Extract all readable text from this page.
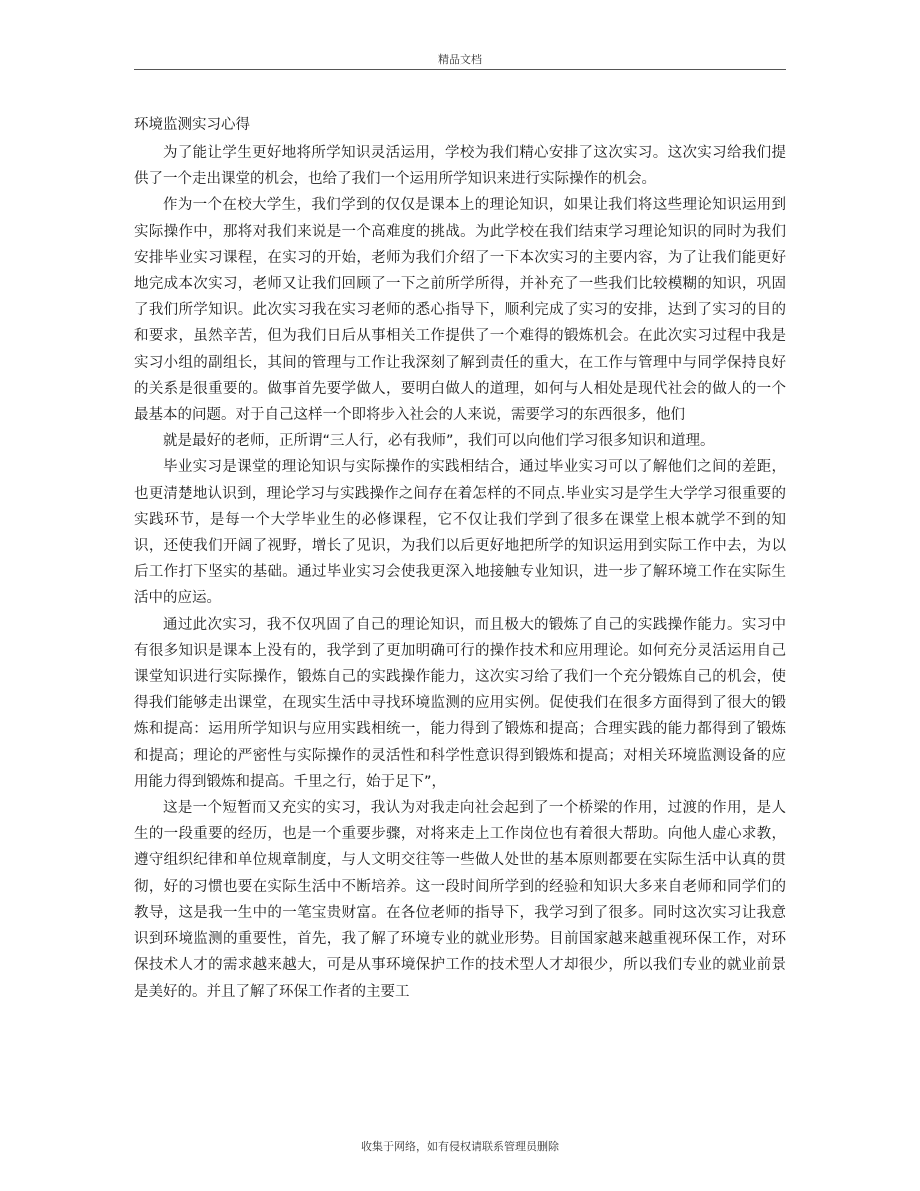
精品文档
环境监测实习心得

为了能让学生更好地将所学知识灵活运用，学校为我们精心安排了这次实习。这次实习给我们提供了一个走出课堂的机会，也给了我们一个运用所学知识来进行实际操作的机会。

作为一个在校大学生，我们学到的仅仅是课本上的理论知识，如果让我们将这些理论知识运用到实际操作中，那将对我们来说是一个高难度的挑战。为此学校在我们结束学习理论知识的同时为我们安排毕业实习课程，在实习的开始，老师为我们介绍了一下本次实习的主要内容，为了让我们能更好地完成本次实习，老师又让我们回顾了一下之前所学所得，并补充了一些我们比较模糊的知识，巩固了我们所学知识。此次实习我在实习老师的悉心指导下，顺利完成了实习的安排，达到了实习的目的和要求，虽然辛苦，但为我们日后从事相关工作提供了一个难得的锻炼机会。在此次实习过程中我是实习小组的副组长，其间的管理与工作让我深刻了解到责任的重大，在工作与管理中与同学保持良好的关系是很重要的。做事首先要学做人，要明白做人的道理，如何与人相处是现代社会的做人的一个最基本的问题。对于自己这样一个即将步入社会的人来说，需要学习的东西很多，他们

就是最好的老师，正所谓“三人行，必有我师”，我们可以向他们学习很多知识和道理。

毕业实习是课堂的理论知识与实际操作的实践相结合，通过毕业实习可以了解他们之间的差距，也更清楚地认识到，理论学习与实践操作之间存在着怎样的不同点.毕业实习是学生大学学习很重要的实践环节，是每一个大学毕业生的必修课程，它不仅让我们学到了很多在课堂上根本就学不到的知识，还使我们开阔了视野，增长了见识，为我们以后更好地把所学的知识运用到实际工作中去，为以后工作打下坚实的基础。通过毕业实习会使我更深入地接触专业知识，进一步了解环境工作在实际生活中的应运。

通过此次实习，我不仅巩固了自己的理论知识，而且极大的锻炼了自己的实践操作能力。实习中有很多知识是课本上没有的，我学到了更加明确可行的操作技术和应用理论。如何充分灵活运用自己课堂知识进行实际操作，锻炼自己的实践操作能力，这次实习给了我们一个充分锻炼自己的机会，使得我们能够走出课堂，在现实生活中寻找环境监测的应用实例。促使我们在很多方面得到了很大的锻炼和提高：运用所学知识与应用实践相统一，能力得到了锻炼和提高；合理实践的能力都得到了锻炼和提高；理论的严密性与实际操作的灵活性和科学性意识得到锻炼和提高；对相关环境监测设备的应用能力得到锻炼和提高。千里之行，始于足下”，

这是一个短暂而又充实的实习，我认为对我走向社会起到了一个桥梁的作用，过渡的作用，是人生的一段重要的经历，也是一个重要步骤，对将来走上工作岗位也有着很大帮助。向他人虚心求教，遵守组织纪律和单位规章制度，与人文明交往等一些做人处世的基本原则都要在实际生活中认真的贯彻，好的习惯也要在实际生活中不断培养。这一段时间所学到的经验和知识大多来自老师和同学们的教导，这是我一生中的一笔宝贵财富。在各位老师的指导下，我学习到了很多。同时这次实习让我意识到环境监测的重要性，首先，我了解了环境专业的就业形势。目前国家越来越重视环保工作，对环保技术人才的需求越来越大，可是从事环境保护工作的技术型人才却很少，所以我们专业的就业前景是美好的。并且了解了环保工作者的主要工

收集于网络，如有侵权请联系管理员删除
